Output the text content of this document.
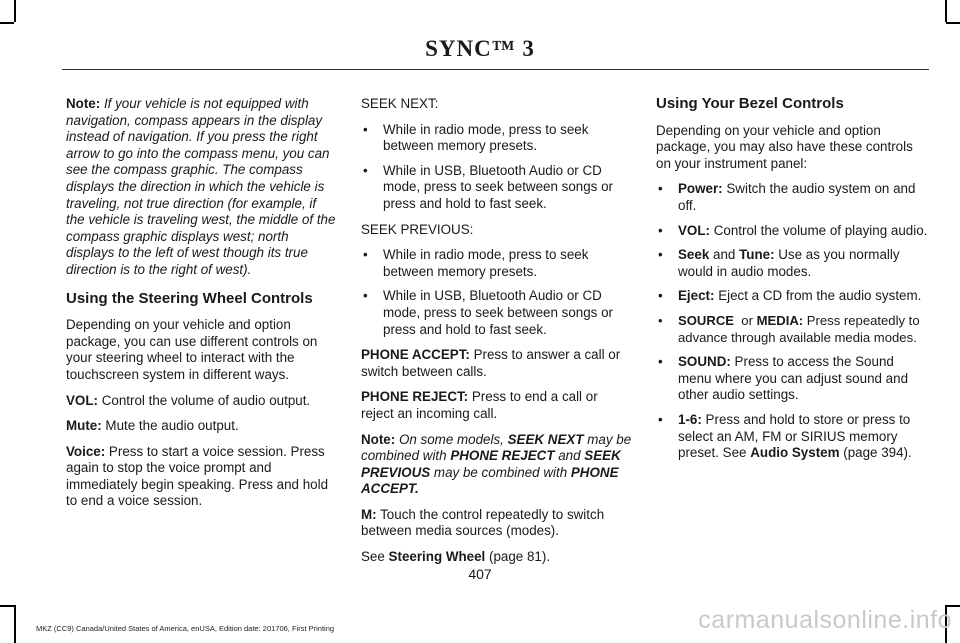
SYNC™ 3

Note: If your vehicle is not equipped with navigation, compass appears in the display instead of navigation. If you press the right arrow to go into the compass menu, you can see the compass graphic. The compass displays the direction in which the vehicle is traveling, not true direction (for example, if the vehicle is traveling west, the middle of the compass graphic displays west; north displays to the left of west though its true direction is to the right of west).

Using the Steering Wheel Controls

Depending on your vehicle and option package, you can use different controls on your steering wheel to interact with the touchscreen system in different ways.

VOL: Control the volume of audio output.

Mute: Mute the audio output.

Voice: Press to start a voice session. Press again to stop the voice prompt and immediately begin speaking. Press and hold to end a voice session.

SEEK NEXT:

• While in radio mode, press to seek between memory presets.
• While in USB, Bluetooth Audio or CD mode, press to seek between songs or press and hold to fast seek.

SEEK PREVIOUS:

• While in radio mode, press to seek between memory presets.
• While in USB, Bluetooth Audio or CD mode, press to seek between songs or press and hold to fast seek.

PHONE ACCEPT: Press to answer a call or switch between calls.

PHONE REJECT: Press to end a call or reject an incoming call.

Note: On some models, SEEK NEXT may be combined with PHONE REJECT and SEEK PREVIOUS may be combined with PHONE ACCEPT.

M: Touch the control repeatedly to switch between media sources (modes).

See Steering Wheel (page 81).

Using Your Bezel Controls

Depending on your vehicle and option package, you may also have these controls on your instrument panel:

• Power: Switch the audio system on and off.
• VOL: Control the volume of playing audio.
• Seek and Tune: Use as you normally would in audio modes.
• Eject: Eject a CD from the audio system.
• SOURCE  or MEDIA: Press repeatedly to advance through available media modes.
• SOUND: Press to access the Sound menu where you can adjust sound and other audio settings.
• 1-6: Press and hold to store or press to select an AM, FM or SIRIUS memory preset. See Audio System (page 394).
407
MKZ (CC9) Canada/United States of America, enUSA, Edition date: 201706, First Printing	carmanualsonline.info
